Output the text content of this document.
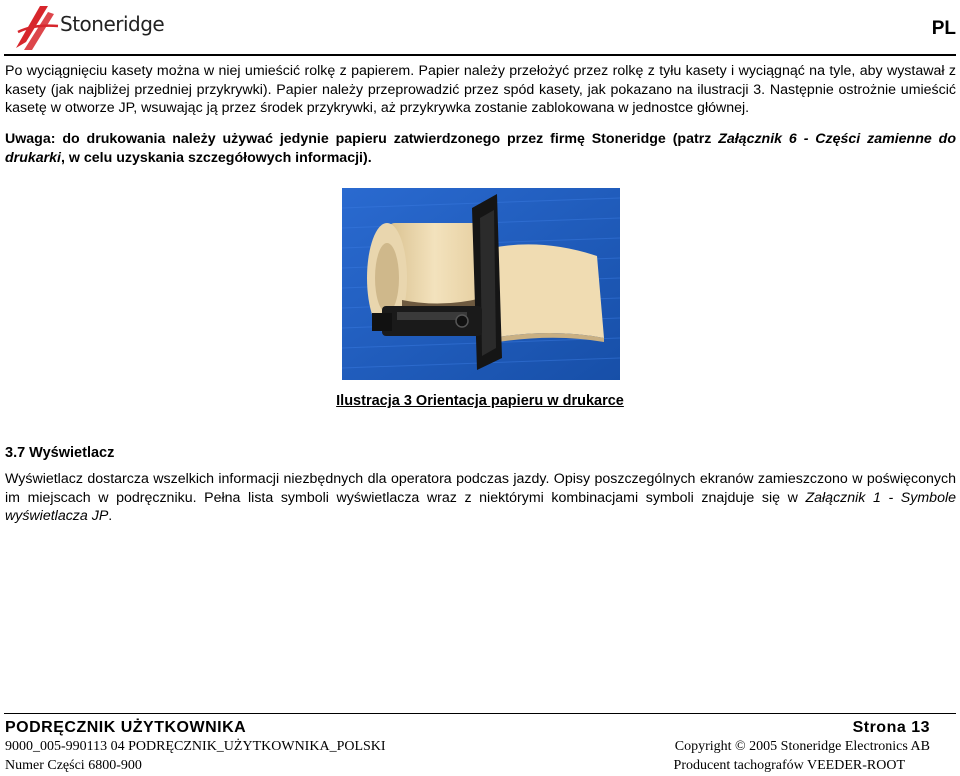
Stoneridge	PL
Po wyciągnięciu kasety można w niej umieścić rolkę z papierem. Papier należy przełożyć przez rolkę z tyłu kasety i wyciągnąć na tyle, aby wystawał z kasety (jak najbliżej przedniej przykrywki). Papier należy przeprowadzić przez spód kasety, jak pokazano na ilustracji 3. Następnie ostrożnie umieścić kasetę w otworze JP, wsuwając ją przez środek przykrywki, aż przykrywka zostanie zablokowana w jednostce głównej.
Uwaga: do drukowania należy używać jedynie papieru zatwierdzonego przez firmę Stoneridge (patrz Załącznik 6 - Części zamienne do drukarki, w celu uzyskania szczegółowych informacji).
Ilustracja 3 Orientacja papieru w drukarce
3.7 Wyświetlacz
Wyświetlacz dostarcza wszelkich informacji niezbędnych dla operatora podczas jazdy. Opisy poszczególnych ekranów zamieszczono w poświęconych im miejscach w podręczniku. Pełna lista symboli wyświetlacza wraz z niektórymi kombinacjami symboli znajduje się w Załącznik 1 - Symbole wyświetlacza JP.
PODRĘCZNIK UŻYTKOWNIKA	Strona 13
9000_005-990113 04 PODRĘCZNIK_UŻYTKOWNIKA_POLSKI
Numer Części 6800-900
Copyright © 2005 Stoneridge Electronics AB
Producent tachografów VEEDER-ROOT
